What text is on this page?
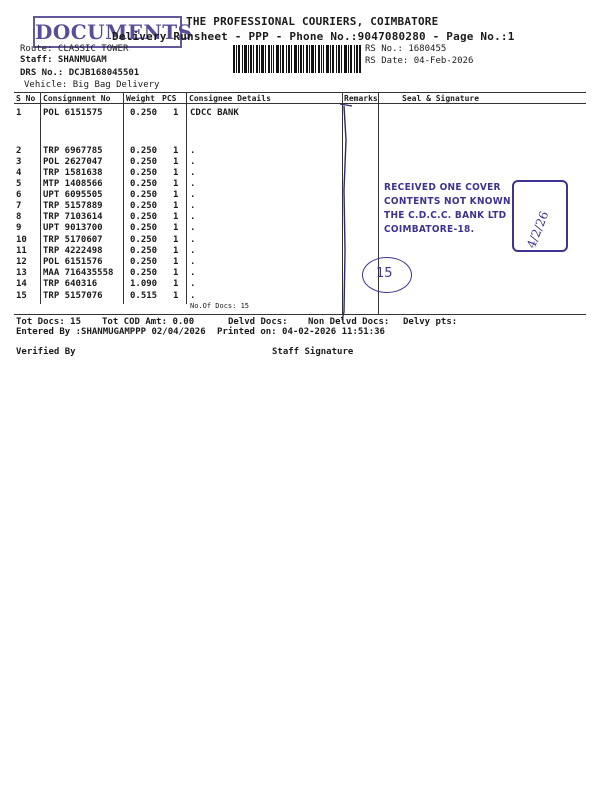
DOCUMENTS
THE PROFESSIONAL COURIERS, COIMBATORE
Delivery Runsheet - PPP - Phone No.:9047080280 - Page No.:1
Route: CLASSIC TOWER
Staff: SHANMUGAM
DRS No.: DCJB168045501
Vehicle: Big Bag Delivery
RS No.: 1680455
RS Date: 04-Feb-2026
S No Consignment No Weight PCS Consignee Details	Remarks	Seal & Signature
1 POL 6151575	0.250 1 CDCC BANK
2 TRP 6967785	0.250 1 .
3 POL 2627047	0.250 1 .
4 TRP 1581638	0.250 1 .
5 MTP 1408566	0.250 1 .
6 UPT 6095505	0.250 1 .
7 TRP 5157889	0.250 1 .
8 TRP 7103614	0.250 1 .
9 UPT 9013700	0.250 1 .
10 TRP 5170607	0.250 1 .
11 TRP 4222498	0.250 1 .
12 POL 6151576	0.250 1 .
13 MAA 716435558 0.250 1 .
14 TRP 640316	1.090 1 .
15 TRP 5157076	0.515 1 .
No.Of Docs: 15
RECEIVED ONE COVER
CONTENTS NOT KNOWN
THE C.D.C.C. BANK LTD
COIMBATORE-18.	4/2/26
15
Tot Docs: 15 Tot COD Amt: 0.00	Delvd Docs: Non Delvd Docs: Delvy pts:
Entered By :SHANMUGAMPPP 02/04/2026 Printed on: 04-02-2026 11:51:36
Verified By	Staff Signature
